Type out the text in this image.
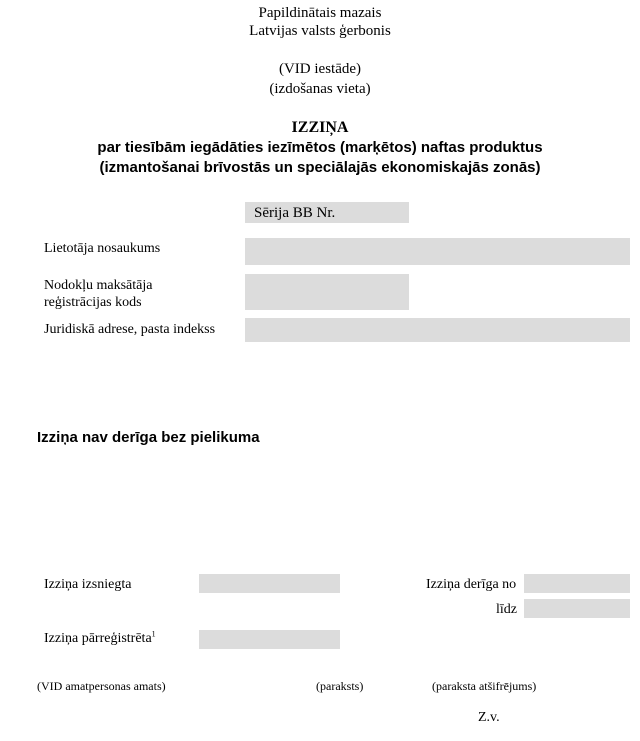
Papildinātais mazais
Latvijas valsts ģerbonis
(VID iestāde)
(izdošanas vieta)
IZZIŅA
par tiesībām iegādāties iezīmētos (marķētos) naftas produktus
(izmantošanai brīvostās un speciālajās ekonomiskajās zonās)
Sērija BB Nr.
Lietotāja nosaukums
Nodokļu maksātāja
reģistrācijas kods
Juridiskā adrese, pasta indekss
Izziņa nav derīga bez pielikuma
Izziņa izsniegta	Izziņa derīga no
līdz
Izziņa pārreģistrēta$^1$
(VID amatpersonas amats)	(paraksts)	(paraksta atšifrējums)
Z.v.
